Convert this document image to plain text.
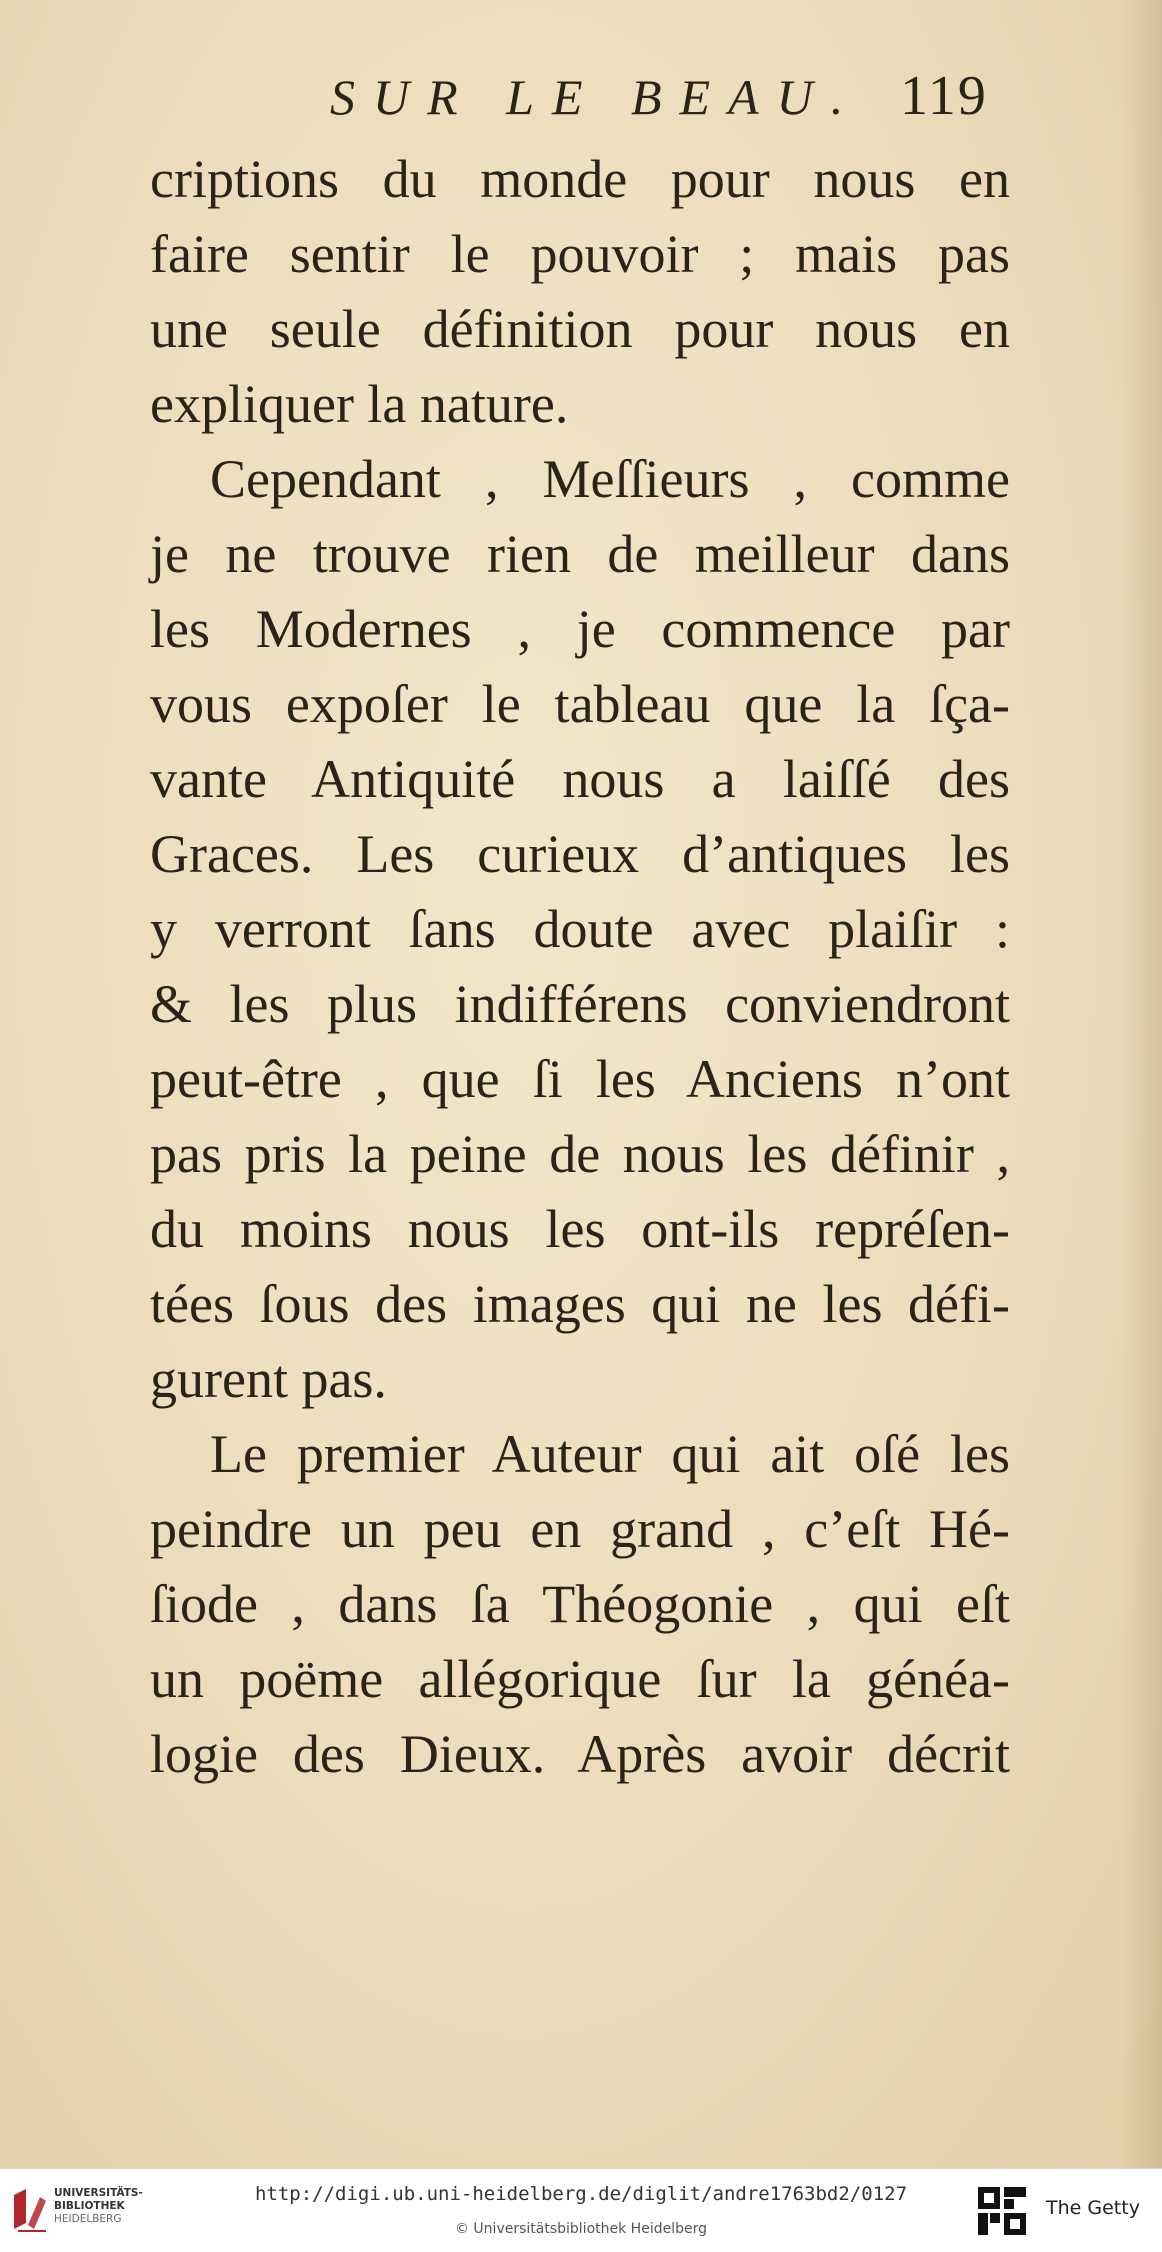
SUR LE BEAU. 119
criptions du monde pour nous en
faire sentir le pouvoir ; mais pas
une seule définition pour nous en
expliquer la nature.
Cependant , Meſſieurs , comme
je ne trouve rien de meilleur dans
les Modernes , je commence par
vous expoſer le tableau que la ſça-
vante Antiquité nous a laiſſé des
Graces. Les curieux d’antiques les
y verront ſans doute avec plaiſir :
& les plus indifférens conviendront
peut-être , que ſi les Anciens n’ont
pas pris la peine de nous les définir ,
du moins nous les ont-ils repréſen-
tées ſous des images qui ne les défi-
gurent pas.
Le premier Auteur qui ait oſé les
peindre un peu en grand , c’eſt Hé-
ſiode , dans ſa Théogonie , qui eſt
un poëme allégorique ſur la généa-
logie des Dieux. Après avoir décrit
UNIVERSITÄTS-
BIBLIOTHEK
HEIDELBERG
http://digi.ub.uni-heidelberg.de/diglit/andre1763bd2/0127
© Universitätsbibliothek Heidelberg
The Getty
